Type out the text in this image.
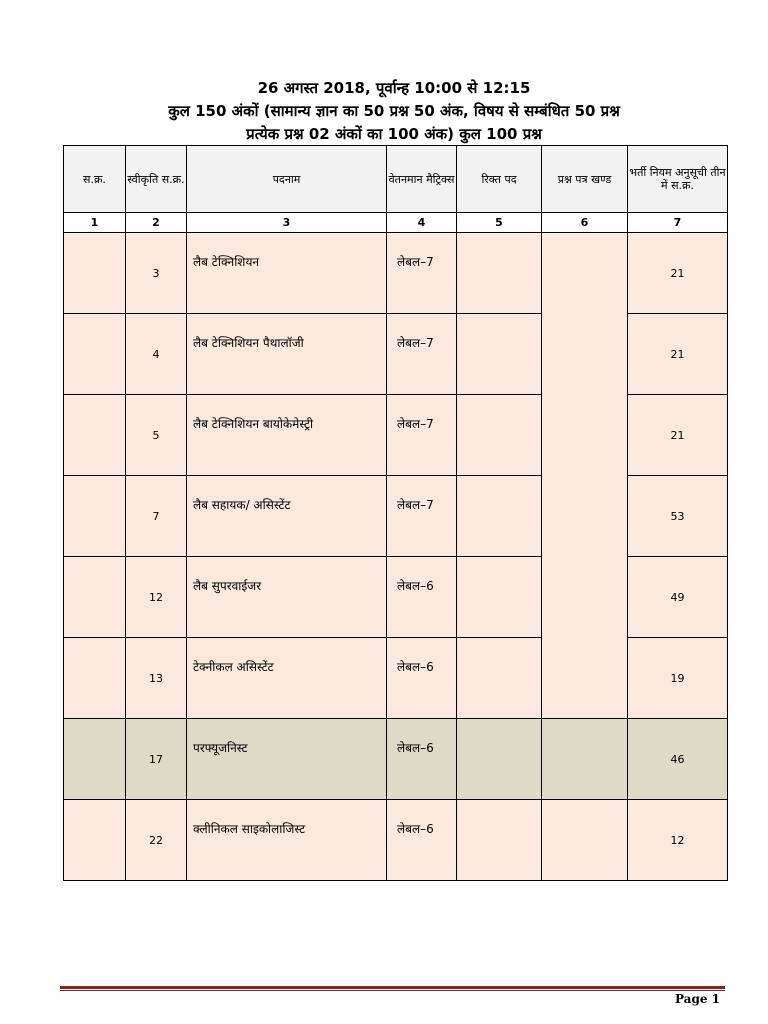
26 अगस्त 2018, पूर्वान्ह 10:00 से 12:15
कुल 150 अंकों (सामान्य ज्ञान का 50 प्रश्न 50 अंक, विषय से सम्बंधित 50 प्रश्न
प्रत्येक प्रश्न 02 अंकों का 100 अंक) कुल 100 प्रश्न
स.क्र.	स्वीकृति स.क्र.	पदनाम	वेतनमान मैट्रिक्स	रिक्त पद	प्रश्न पत्र खण्ड	भर्ती नियम अनुसूची तीन में स.क्र.
1	2	3	4	5	6	7
	3	लैब टेक्निशियन	लेबल–7			21
	4	लैब टेक्निशियन पैथालॉजी	लेबल–7			21
	5	लैब टेक्निशियन बायोकेमेस्ट्री	लेबल–7			21
	7	लैब सहायक/ असिस्टेंट	लेबल–7			53
	12	लैब सुपरवाईजर	लेबल–6			49
	13	टेक्नीकल असिस्टेंट	लेबल–6			19
	17	परफ्यूजनिस्ट	लेबल–6			46
	22	क्लीनिकल साइकोलाजिस्ट	लेबल–6			12
Page 1
